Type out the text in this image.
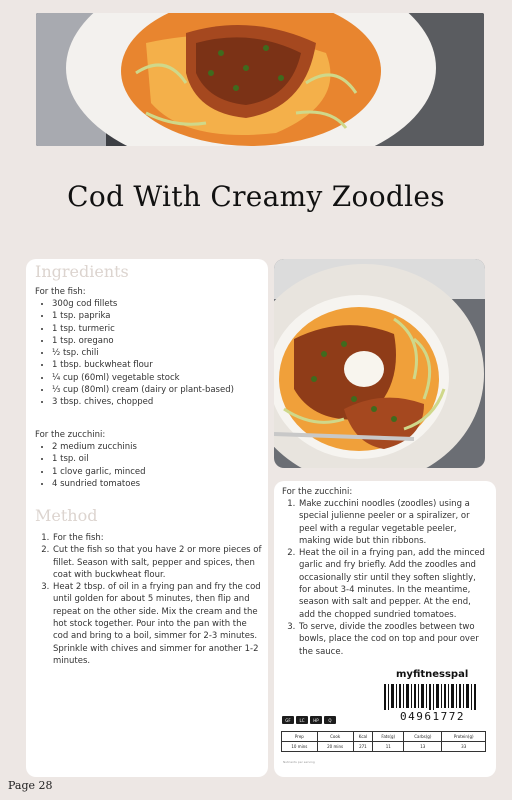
Cod With Creamy Zoodles
Ingredients
For the fish:
• 300g cod fillets
• 1 tsp. paprika
• 1 tsp. turmeric
• 1 tsp. oregano
• ½ tsp. chili
• 1 tbsp. buckwheat flour
• ¼ cup (60ml) vegetable stock
• ⅓ cup (80ml) cream (dairy or plant-based)
• 3 tbsp. chives, chopped
For the zucchini:
• 2 medium zucchinis
• 1 tsp. oil
• 1 clove garlic, minced
• 4 sundried tomatoes
Method
1. For the fish:
2. Cut the fish so that you have 2 or more pieces of fillet. Season with salt, pepper and spices, then coat with buckwheat flour.
3. Heat 2 tbsp. of oil in a frying pan and fry the cod until golden for about 5 minutes, then flip and repeat on the other side. Mix the cream and the hot stock together. Pour into the pan with the cod and bring to a boil, simmer for 2-3 minutes. Sprinkle with chives and simmer for another 1-2 minutes.
For the zucchini:
1. Make zucchini noodles (zoodles) using a special julienne peeler or a spiralizer, or peel with a regular vegetable peeler, making wide but thin ribbons.
2. Heat the oil in a frying pan, add the minced garlic and fry briefly. Add the zoodles and occasionally stir until they soften slightly, for about 3-4 minutes. In the meantime, season with salt and pepper. At the end, add the chopped sundried tomatoes.
3. To serve, divide the zoodles between two bowls, place the cod on top and pour over the sauce.
myfitnesspal
04961772
GF	LC	HP	Q
Prep	Cook	Kcal	Fats(g)	Carbs(g)	Protein(g)
10 mins	20 mins	271	11	13	33
Nutrients per serving
Page 28
